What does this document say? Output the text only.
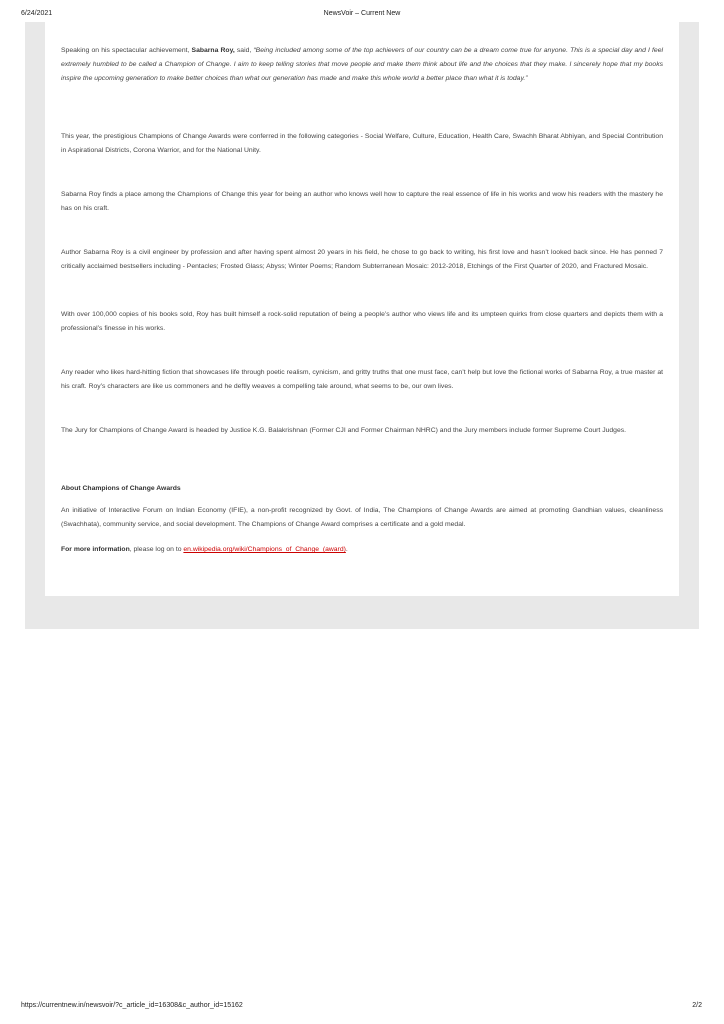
6/24/2021	NewsVoir – Current New

Speaking on his spectacular achievement, Sabarna Roy, said, “Being included among some of the top achievers of our country can be a dream come true for anyone. This is a special day and I feel extremely humbled to be called a Champion of Change. I aim to keep telling stories that move people and make them think about life and the choices that they make. I sincerely hope that my books inspire the upcoming generation to make better choices than what our generation has made and make this whole world a better place than what it is today.”

This year, the prestigious Champions of Change Awards were conferred in the following categories - Social Welfare, Culture, Education, Health Care, Swachh Bharat Abhiyan, and Special Contribution in Aspirational Districts, Corona Warrior, and for the National Unity.

Sabarna Roy finds a place among the Champions of Change this year for being an author who knows well how to capture the real essence of life in his works and wow his readers with the mastery he has on his craft.

Author Sabarna Roy is a civil engineer by profession and after having spent almost 20 years in his field, he chose to go back to writing, his first love and hasn’t looked back since. He has penned 7 critically acclaimed bestsellers including - Pentacles; Frosted Glass; Abyss; Winter Poems; Random Subterranean Mosaic: 2012-2018, Etchings of the First Quarter of 2020, and Fractured Mosaic.

With over 100,000 copies of his books sold, Roy has built himself a rock-solid reputation of being a people’s author who views life and its umpteen quirks from close quarters and depicts them with a professional’s finesse in his works.

Any reader who likes hard-hitting fiction that showcases life through poetic realism, cynicism, and gritty truths that one must face, can’t help but love the fictional works of Sabarna Roy, a true master at his craft. Roy’s characters are like us commoners and he deftly weaves a compelling tale around, what seems to be, our own lives.

The Jury for Champions of Change Award is headed by Justice K.G. Balakrishnan (Former CJI and Former Chairman NHRC) and the Jury members include former Supreme Court Judges.

About Champions of Change Awards

An initiative of Interactive Forum on Indian Economy (IFIE), a non-profit recognized by Govt. of India, The Champions of Change Awards are aimed at promoting Gandhian values, cleanliness (Swachhata), community service, and social development. The Champions of Change Award comprises a certificate and a gold medal.

For more information, please log on to en.wikipedia.org/wiki/Champions_of_Change_(award).

https://currentnew.in/newsvoir/?c_article_id=16308&c_author_id=15162	2/2
